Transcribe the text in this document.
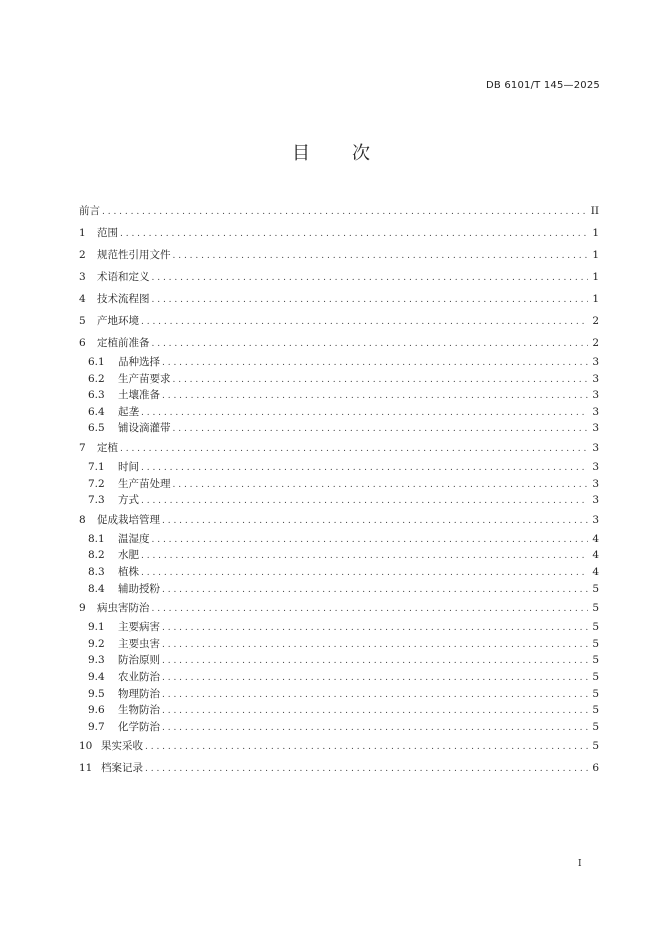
DB 6101/T 145—2025
目 次
前言 . . .	II
1	范围 . . .	1
2	规范性引用文件 . . .	1
3	术语和定义 . . .	1
4	技术流程图 . . .	1
5	产地环境 . . .	2
6	定植前准备 . . .	2
6.1	品种选择 . . .	3
6.2	生产苗要求 . . .	3
6.3	土壤准备 . . .	3
6.4	起垄 . . .	3
6.5	铺设滴灌带 . . .	3
7	定植 . . .	3
7.1	时间 . . .	3
7.2	生产苗处理 . . .	3
7.3	方式 . . .	3
8	促成栽培管理 . . .	3
8.1	温湿度 . . .	4
8.2	水肥 . . .	4
8.3	植株 . . .	4
8.4	辅助授粉 . . .	5
9	病虫害防治 . . .	5
9.1	主要病害 . . .	5
9.2	主要虫害 . . .	5
9.3	防治原则 . . .	5
9.4	农业防治 . . .	5
9.5	物理防治 . . .	5
9.6	生物防治 . . .	5
9.7	化学防治 . . .	5
10 果实采收 . . .	5
11 档案记录 . . .	6
I
